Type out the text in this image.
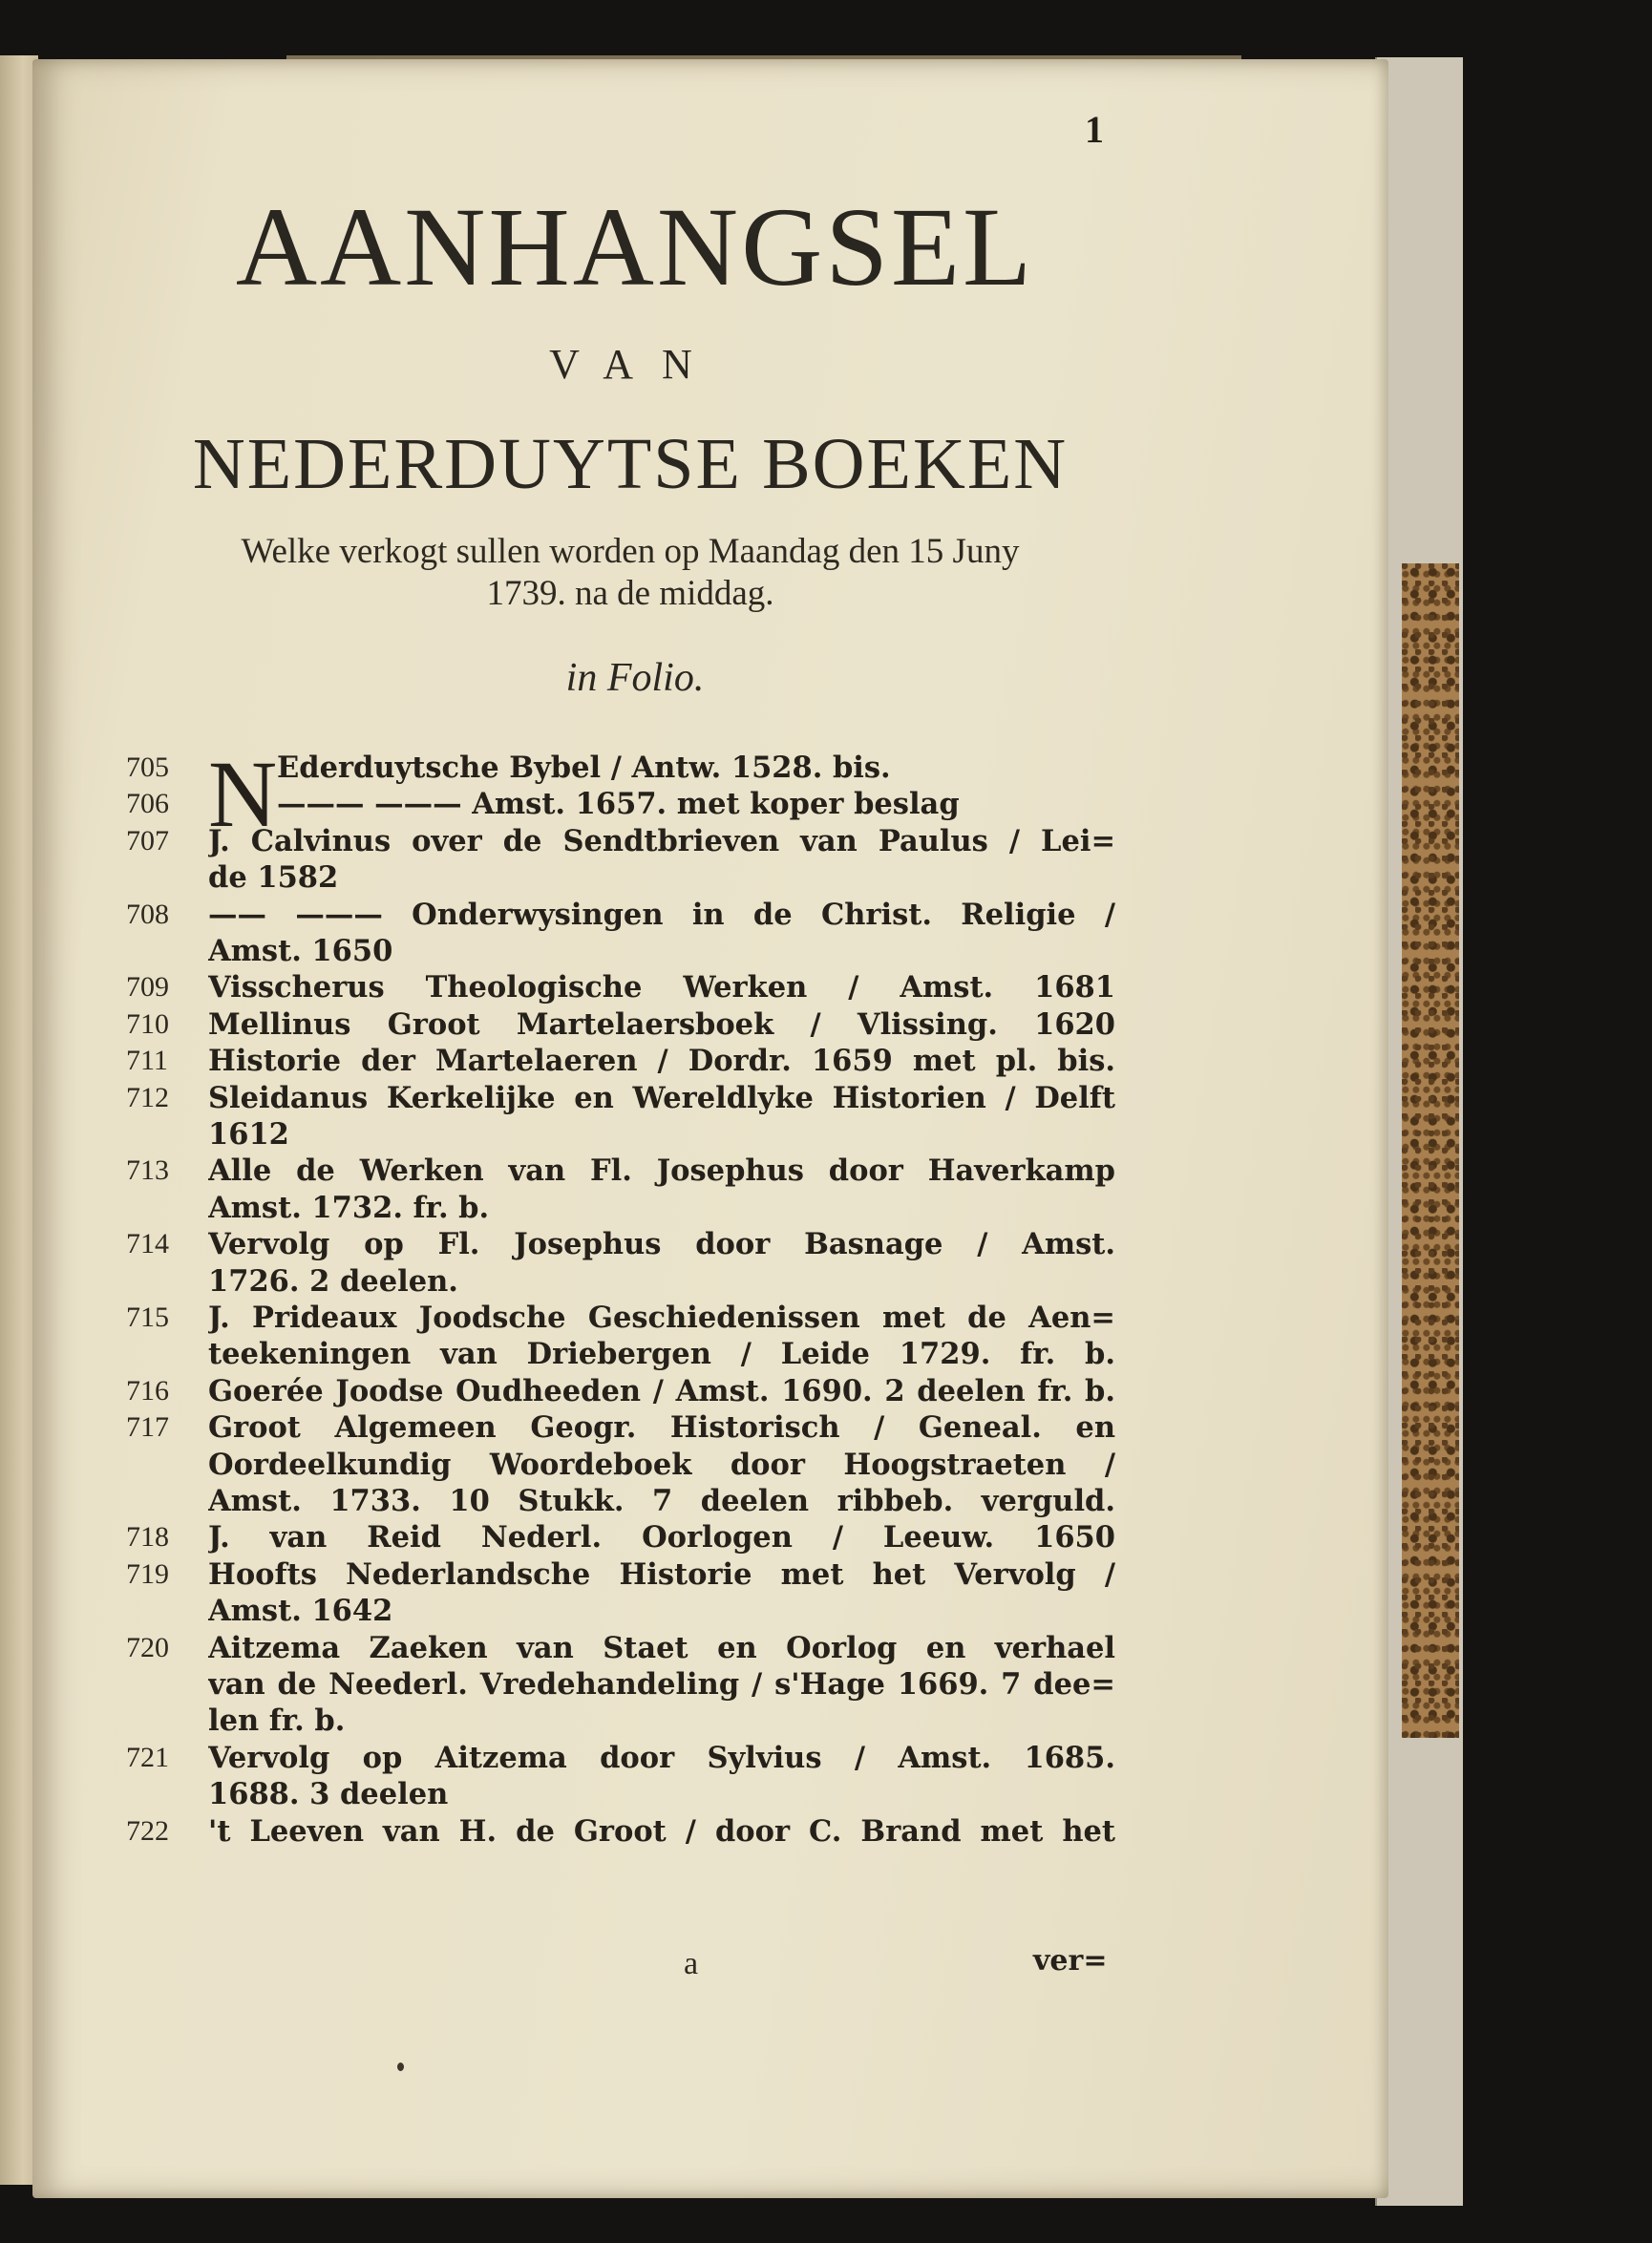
1
AANHANGSEL
VAN
NEDERDUYTSE BOEKEN
Welke verkogt sullen worden op Maandag den 15 Juny
1739. na de middag.
in Folio.
N
705	Ederduytsche Bybel / Antw. 1528. bis.
706	——— ——— Amst. 1657. met koper beslag
707	J. Calvinus over de Sendtbrieven van Paulus / Lei=
de 1582
708	—— ——— Onderwysingen in de Christ. Religie /
Amst. 1650
709	Visscherus Theologische Werken / Amst. 1681
710	Mellinus Groot Martelaersboek / Vlissing. 1620
711	Historie der Martelaeren / Dordr. 1659 met pl. bis.
712	Sleidanus Kerkelijke en Wereldlyke Historien / Delft
1612
713	Alle de Werken van Fl. Josephus door Haverkamp
Amst. 1732. fr. b.
714	Vervolg op Fl. Josephus door Basnage / Amst.
1726. 2 deelen.
715	J. Prideaux Joodsche Geschiedenissen met de Aen=
teekeningen van Driebergen / Leide 1729. fr. b.
716	Goerée Joodse Oudheeden / Amst. 1690. 2 deelen fr. b.
717	Groot Algemeen Geogr. Historisch / Geneal. en
Oordeelkundig Woordeboek door Hoogstraeten /
Amst. 1733. 10 Stukk. 7 deelen ribbeb. verguld.
718	J. van Reid Nederl. Oorlogen / Leeuw. 1650
719	Hoofts Nederlandsche Historie met het Vervolg /
Amst. 1642
720	Aitzema Zaeken van Staet en Oorlog en verhael
van de Neederl. Vredehandeling / s'Hage 1669. 7 dee=
len fr. b.
721	Vervolg op Aitzema door Sylvius / Amst. 1685.
1688. 3 deelen
722	't Leeven van H. de Groot / door C. Brand met het
a	ver=
